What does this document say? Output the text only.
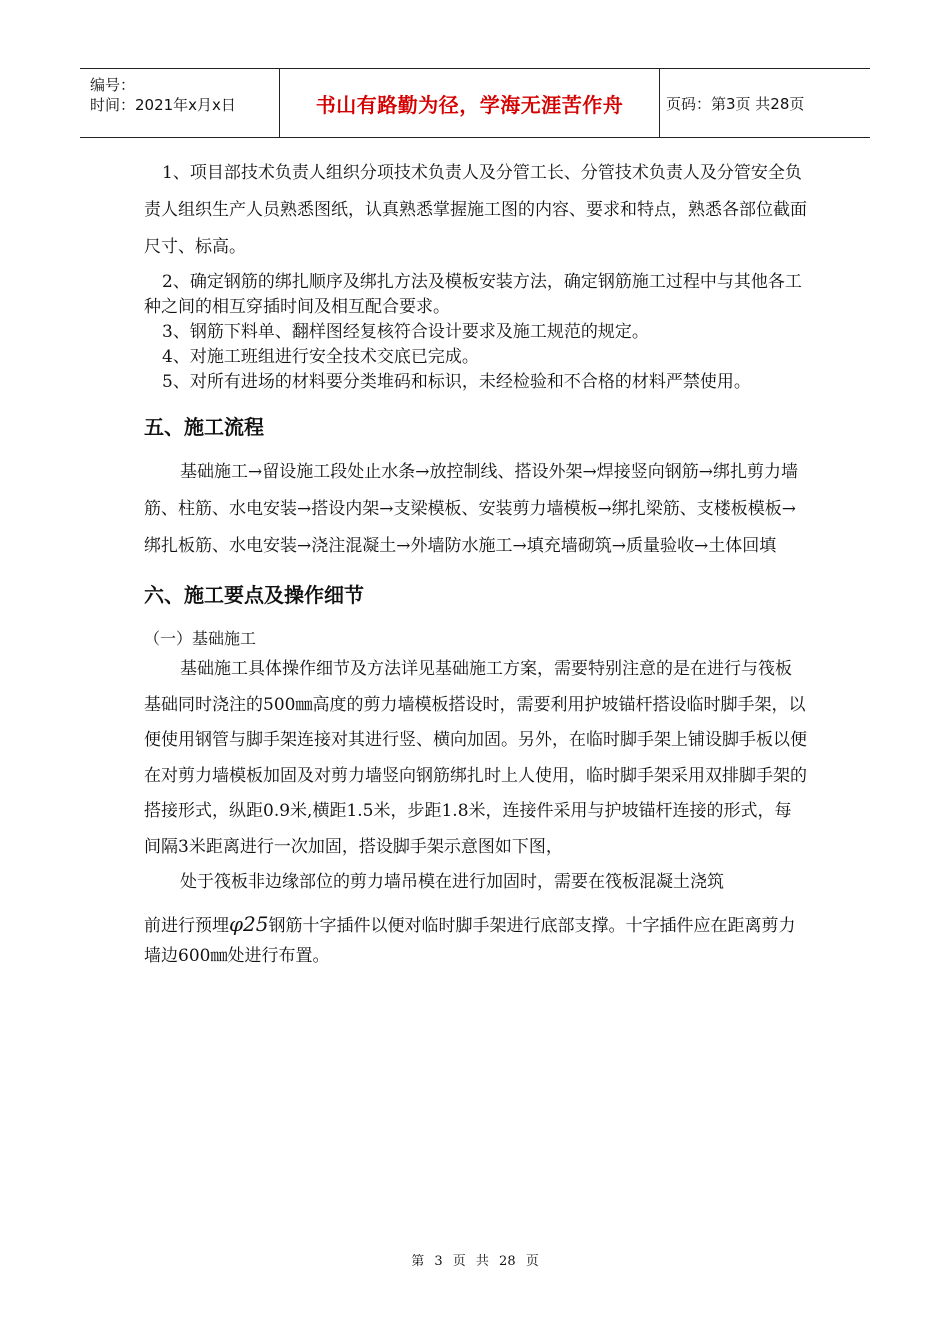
编号：
时间：2021年x月x日	书山有路勤为径，学海无涯苦作舟	页码：第3页 共28页

1、项目部技术负责人组织分项技术负责人及分管工长、分管技术负责人及分管安全负责人组织生产人员熟悉图纸，认真熟悉掌握施工图的内容、要求和特点，熟悉各部位截面尺寸、标高。

2、确定钢筋的绑扎顺序及绑扎方法及模板安装方法，确定钢筋施工过程中与其他各工种之间的相互穿插时间及相互配合要求。

3、钢筋下料单、翻样图经复核符合设计要求及施工规范的规定。

4、对施工班组进行安全技术交底已完成。

5、对所有进场的材料要分类堆码和标识，未经检验和不合格的材料严禁使用。

五、施工流程

基础施工→留设施工段处止水条→放控制线、搭设外架→焊接竖向钢筋→绑扎剪力墙筋、柱筋、水电安装→搭设内架→支梁模板、安装剪力墙模板→绑扎梁筋、支楼板模板→绑扎板筋、水电安装→浇注混凝土→外墙防水施工→填充墙砌筑→质量验收→土体回填

六、施工要点及操作细节

（一）基础施工

基础施工具体操作细节及方法详见基础施工方案，需要特别注意的是在进行与筏板基础同时浇注的500㎜高度的剪力墙模板搭设时，需要利用护坡锚杆搭设临时脚手架，以便使用钢管与脚手架连接对其进行竖、横向加固。另外，在临时脚手架上铺设脚手板以便在对剪力墙模板加固及对剪力墙竖向钢筋绑扎时上人使用，临时脚手架采用双排脚手架的搭接形式，纵距0.9米,横距1.5米，步距1.8米，连接件采用与护坡锚杆连接的形式，每间隔3米距离进行一次加固，搭设脚手架示意图如下图，

处于筏板非边缘部位的剪力墙吊模在进行加固时，需要在筏板混凝土浇筑

前进行预埋φ25钢筋十字插件以便对临时脚手架进行底部支撑。十字插件应在距离剪力墙边600㎜处进行布置。

第 3 页 共 28 页
